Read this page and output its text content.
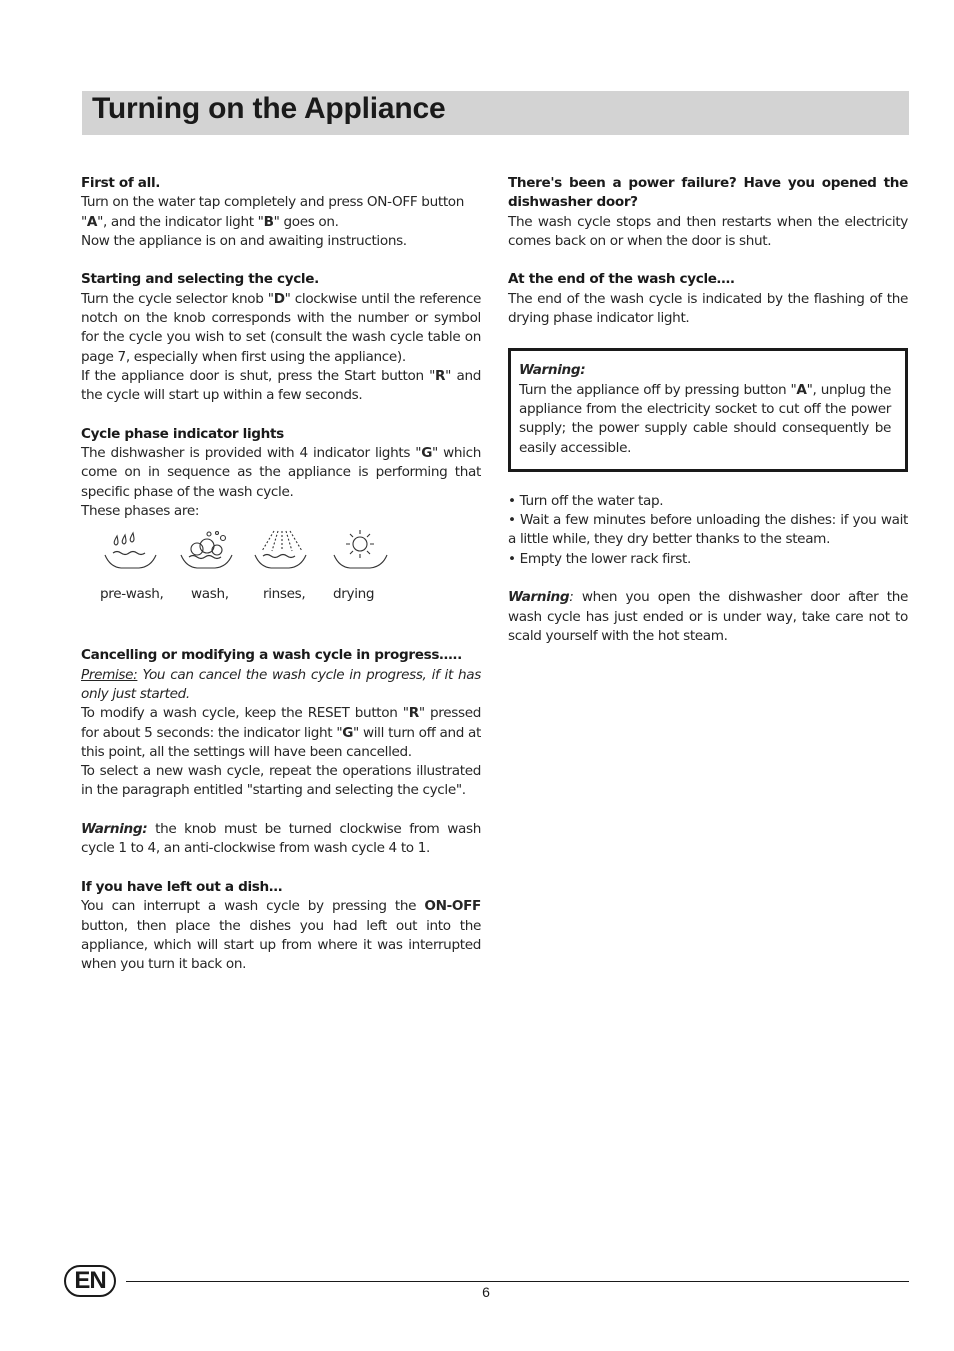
Turning on the Appliance

First of all.

Turn on the water tap completely and press ON-OFF button
"A", and the indicator light "B" goes on.
Now the appliance is on and awaiting instructions.

Starting and selecting the cycle.

Turn the cycle selector knob "D" clockwise until the reference notch on the knob corresponds with the number or symbol for the cycle you wish to set (consult the wash cycle table on page 7, especially when first using the appliance).

If the appliance door is shut, press the Start button "R" and the cycle will start up within a few seconds.

Cycle phase indicator lights

The dishwasher is provided with 4 indicator lights "G" which come on in sequence as the appliance is performing that specific phase of the wash cycle.

These phases are:

pre-wash, wash,	rinses, drying

Cancelling or modifying a wash cycle in progress…..

Premise: You can cancel the wash cycle in progress, if it has only just started.

To modify a wash cycle, keep the RESET button "R" pressed for about 5 seconds: the indicator light "G" will turn off and at this point, all the settings will have been cancelled.

To select a new wash cycle, repeat the operations illustrated in the paragraph entitled "starting and selecting the cycle".

Warning: the knob must be turned clockwise from wash cycle 1 to 4, an anti-clockwise from wash cycle 4 to 1.

If you have left out a dish…

You can interrupt a wash cycle by pressing the ON-OFF button, then place the dishes you had left out into the appliance, which will start up from where it was interrupted when you turn it back on.

There's been a power failure? Have you opened the dishwasher door?

The wash cycle stops and then restarts when the electricity comes back on or when the door is shut.

At the end of the wash cycle….

The end of the wash cycle is indicated by the flashing of the drying phase indicator light.

Warning:

Turn the appliance off by pressing button "A", unplug the appliance from the electricity socket to cut off the power supply; the power supply cable should consequently be easily accessible.

• Turn off the water tap.

• Wait a few minutes before unloading the dishes: if you wait a little while, they dry better thanks to the steam.

• Empty the lower rack first.

Warning: when you open the dishwasher door after the wash cycle has just ended or is under way, take care not to scald yourself with the hot steam.

EN	6
